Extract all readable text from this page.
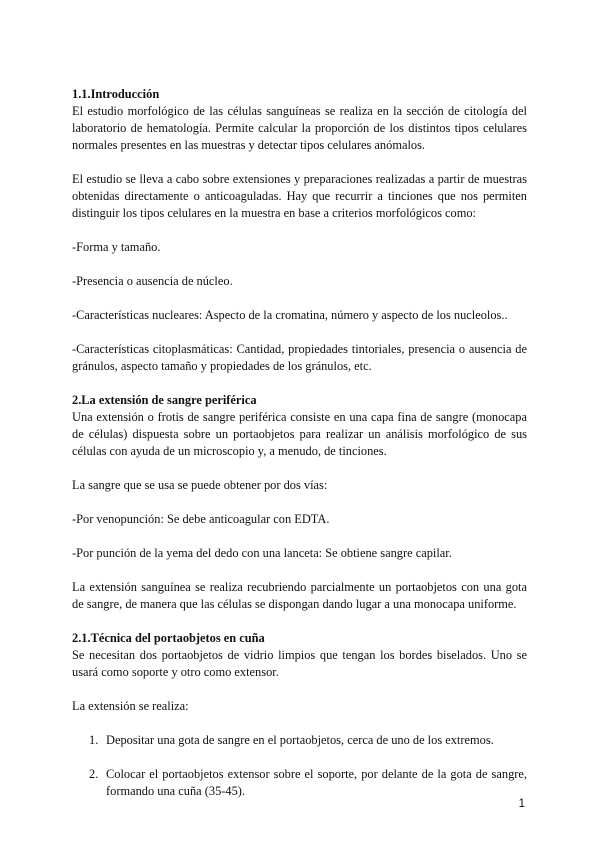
1.1.Introducción

El estudio morfológico de las células sanguíneas se realiza en la sección de citología del laboratorio de hematología. Permite calcular la proporción de los distintos tipos celulares normales presentes en las muestras y detectar tipos celulares anómalos.

El estudio se lleva a cabo sobre extensiones y preparaciones realizadas a partir de muestras obtenidas directamente o anticoaguladas. Hay que recurrir a tinciones que nos permiten distinguir los tipos celulares en la muestra en base a criterios morfológicos como:

-Forma y tamaño.

-Presencia o ausencia de núcleo.

-Características nucleares: Aspecto de la cromatina, número y aspecto de los nucleolos..

-Características citoplasmáticas: Cantidad, propiedades tintoriales, presencia o ausencia de gránulos, aspecto tamaño y propiedades de los gránulos, etc.

2.La extensión de sangre periférica

Una extensión o frotis de sangre periférica consiste en una capa fina de sangre (monocapa de células) dispuesta sobre un portaobjetos para realizar un análisis morfológico de sus células con ayuda de un microscopio y, a menudo, de tinciones.

La sangre que se usa se puede obtener por dos vías:

-Por venopunción: Se debe anticoagular con EDTA.

-Por punción de la yema del dedo con una lanceta: Se obtiene sangre capilar.

La extensión sanguínea se realiza recubriendo parcialmente un portaobjetos con una gota de sangre, de manera que las células se dispongan dando lugar a una monocapa uniforme.

2.1.Técnica del portaobjetos en cuña

Se necesitan dos portaobjetos de vidrio limpios que tengan los bordes biselados. Uno se usará como soporte y otro como extensor.

La extensión se realiza:

1. Depositar una gota de sangre en el portaobjetos, cerca de uno de los extremos.
2. Colocar el portaobjetos extensor sobre el soporte, por delante de la gota de sangre, formando una cuña (35-45).
1
